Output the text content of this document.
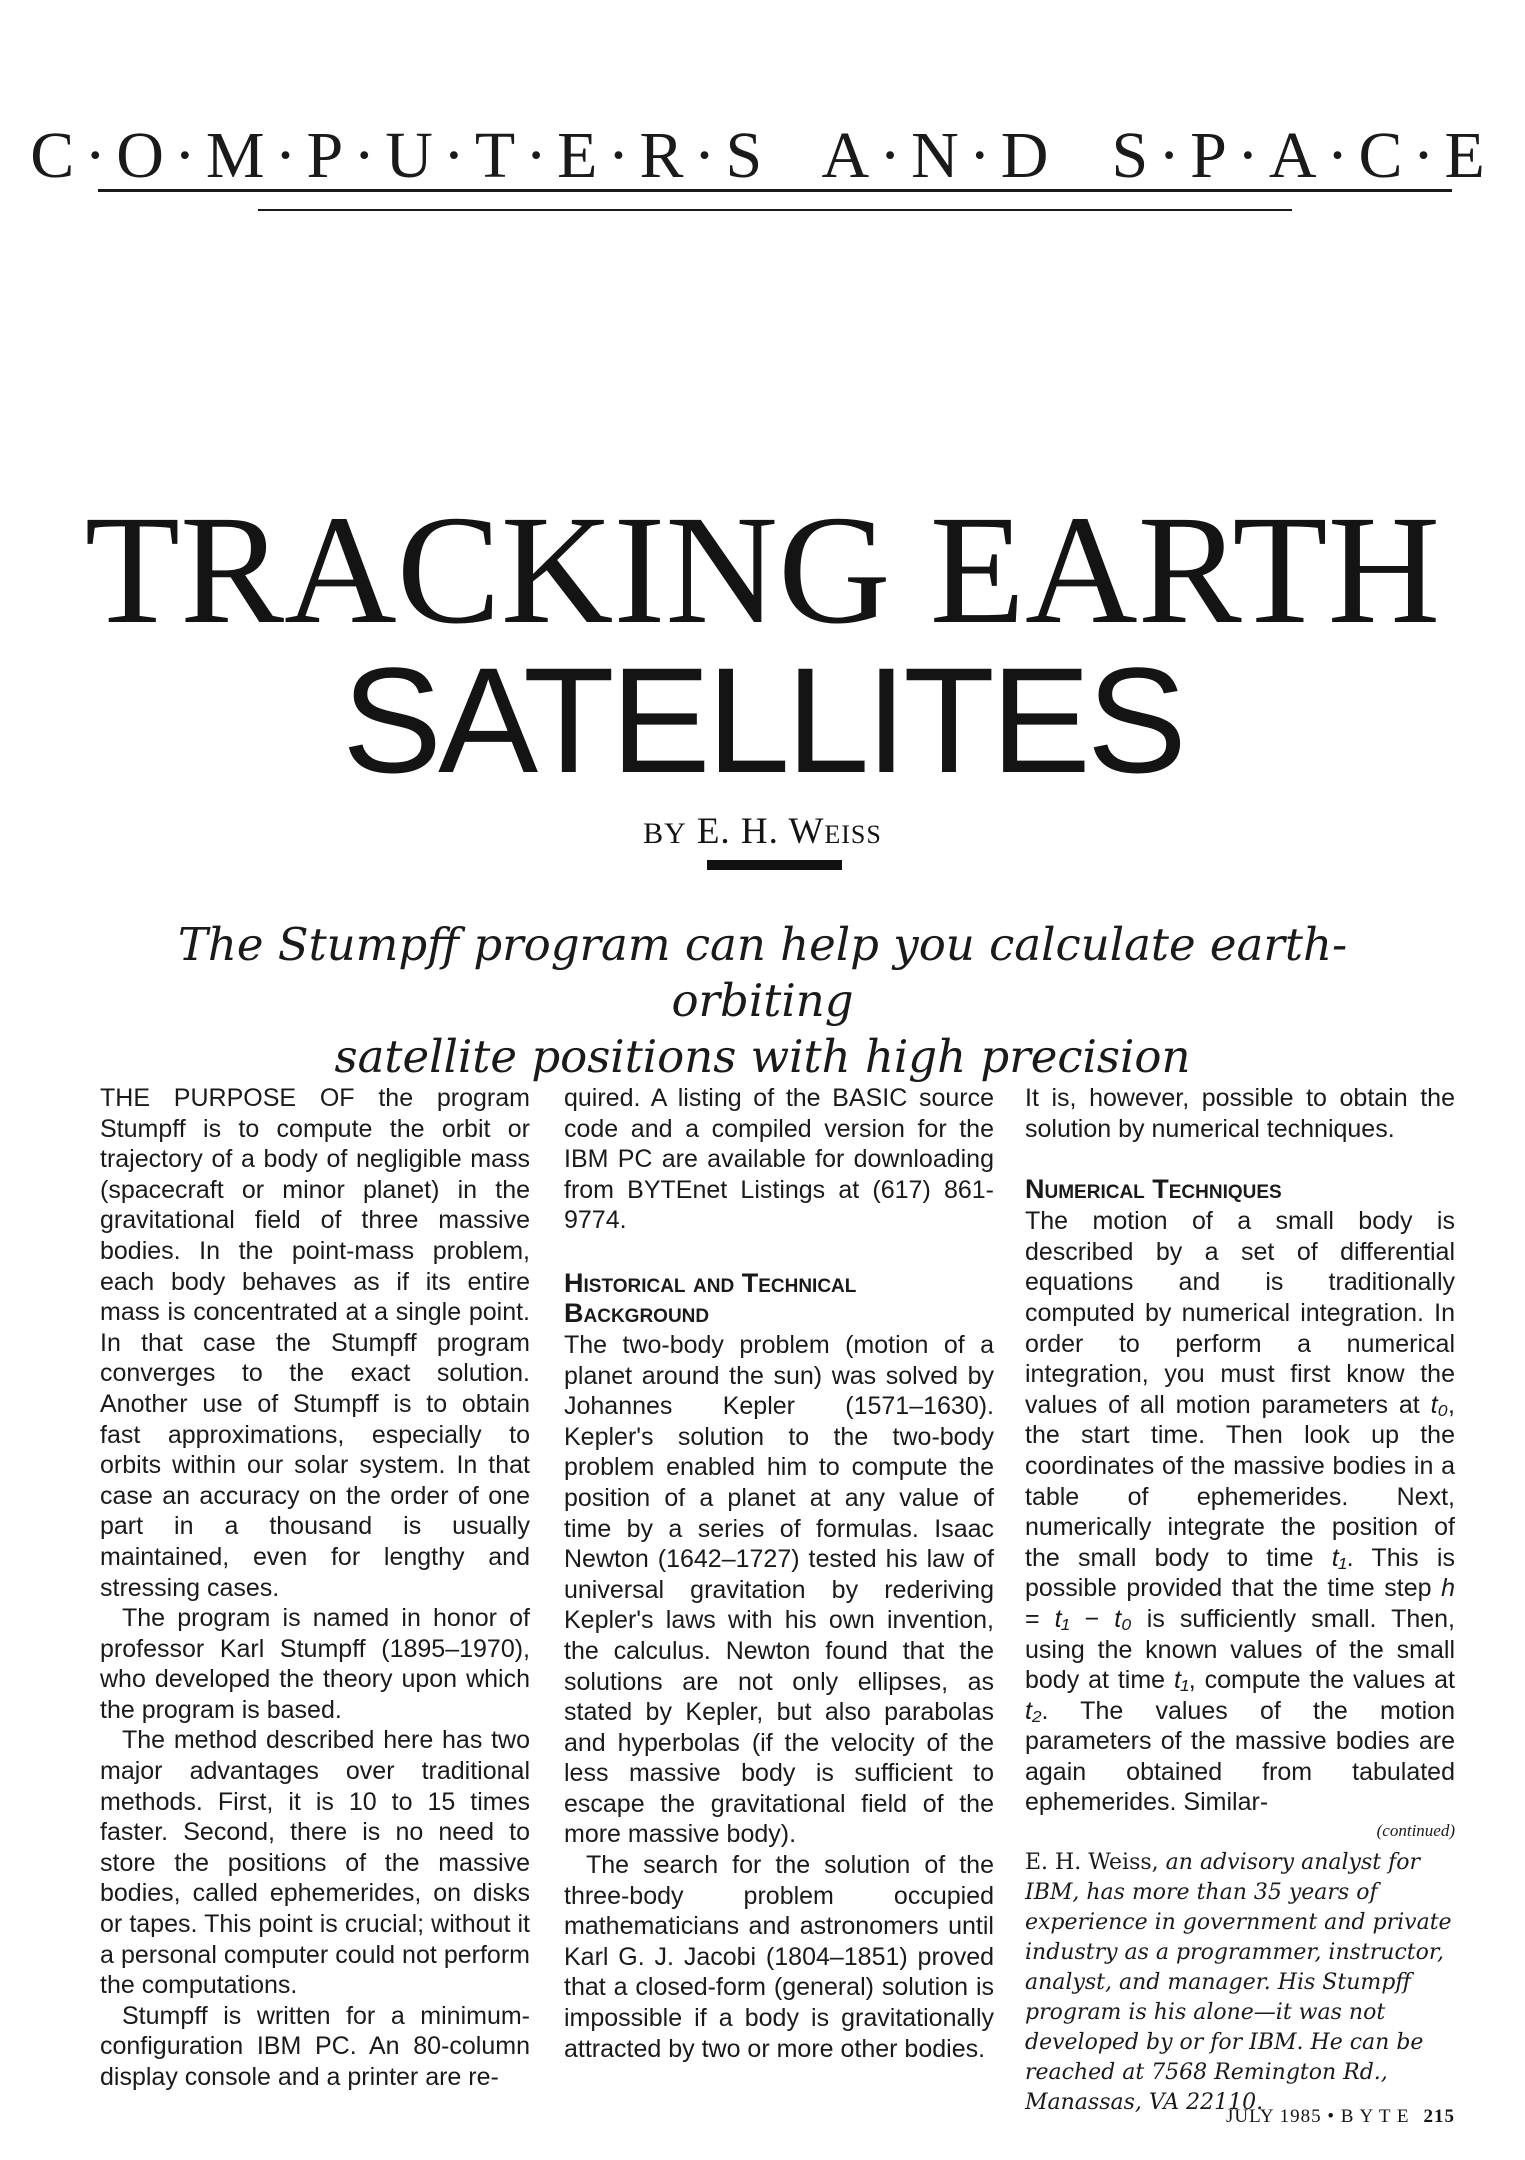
C·O·M·P·U·T·E·R·S  A·N·D  S·P·A·C·E
TRACKING EARTH
SATELLITES
BY E. H. Weiss
The Stumpff program can help you calculate earth-orbiting
satellite positions with high precision

THE PURPOSE OF the program Stumpff is to compute the orbit or trajectory of a body of negligible mass (spacecraft or minor planet) in the gravitational field of three massive bodies. In the point-mass problem, each body behaves as if its entire mass is concentrated at a single point. In that case the Stumpff program converges to the exact solution. Another use of Stumpff is to obtain fast approximations, especially to orbits within our solar system. In that case an accuracy on the order of one part in a thousand is usually maintained, even for lengthy and stressing cases.

The program is named in honor of professor Karl Stumpff (1895–1970), who developed the theory upon which the program is based.

The method described here has two major advantages over traditional methods. First, it is 10 to 15 times faster. Second, there is no need to store the positions of the massive bodies, called ephemerides, on disks or tapes. This point is crucial; without it a personal computer could not perform the computations.

Stumpff is written for a minimum-configuration IBM PC. An 80-column display console and a printer are re-

quired. A listing of the BASIC source code and a compiled version for the IBM PC are available for downloading from BYTEnet Listings at (617) 861-9774.

Historical and Technical Background

The two-body problem (motion of a planet around the sun) was solved by Johannes Kepler (1571–1630). Kepler's solution to the two-body problem enabled him to compute the position of a planet at any value of time by a series of formulas. Isaac Newton (1642–1727) tested his law of universal gravitation by rederiving Kepler's laws with his own invention, the calculus. Newton found that the solutions are not only ellipses, as stated by Kepler, but also parabolas and hyperbolas (if the velocity of the less massive body is sufficient to escape the gravitational field of the more massive body).

The search for the solution of the three-body problem occupied mathematicians and astronomers until Karl G. J. Jacobi (1804–1851) proved that a closed-form (general) solution is impossible if a body is gravitationally attracted by two or more other bodies.

It is, however, possible to obtain the solution by numerical techniques.

Numerical Techniques

The motion of a small body is described by a set of differential equations and is traditionally computed by numerical integration. In order to perform a numerical integration, you must first know the values of all motion parameters at t₀, the start time. Then look up the coordinates of the massive bodies in a table of ephemerides. Next, numerically integrate the position of the small body to time t₁. This is possible provided that the time step h = t₁ − t₀ is sufficiently small. Then, using the known values of the small body at time t₁, compute the values at t₂. The values of the motion parameters of the massive bodies are again obtained from tabulated ephemerides. Similar-

(continued)
E. H. Weiss, an advisory analyst for IBM, has more than 35 years of experience in government and private industry as a programmer, instructor, analyst, and manager. His Stumpff program is his alone—it was not developed by or for IBM. He can be reached at 7568 Remington Rd., Manassas, VA 22110.
JULY 1985 • B Y T E 215
